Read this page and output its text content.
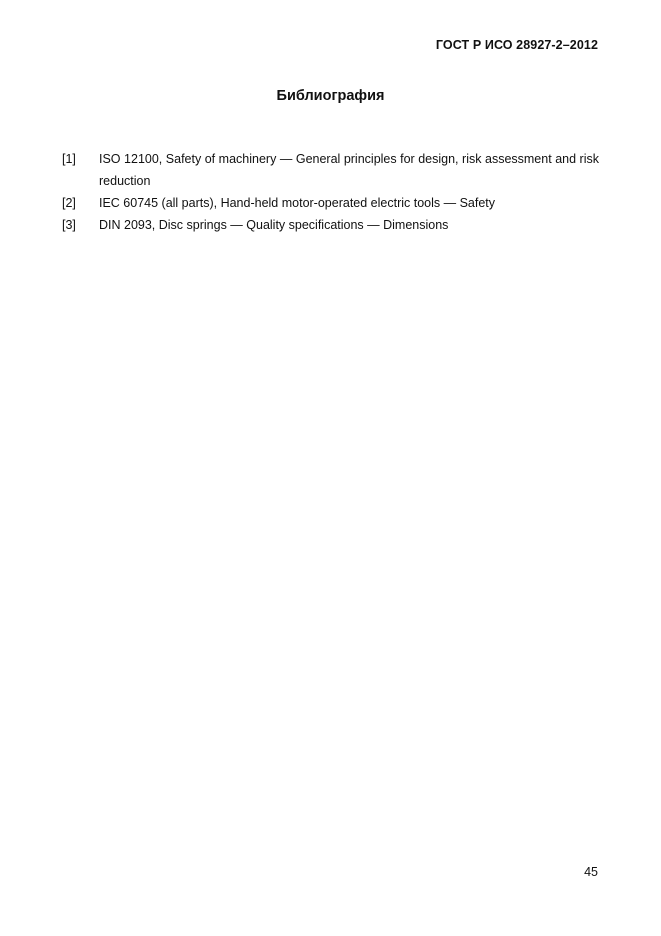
ГОСТ Р ИСО 28927-2–2012
Библиография
[1]	ISO 12100, Safety of machinery — General principles for design, risk assessment and risk reduction
[2]	IEC 60745 (all parts), Hand-held motor-operated electric tools — Safety
[3]	DIN 2093, Disc springs — Quality specifications — Dimensions
45
